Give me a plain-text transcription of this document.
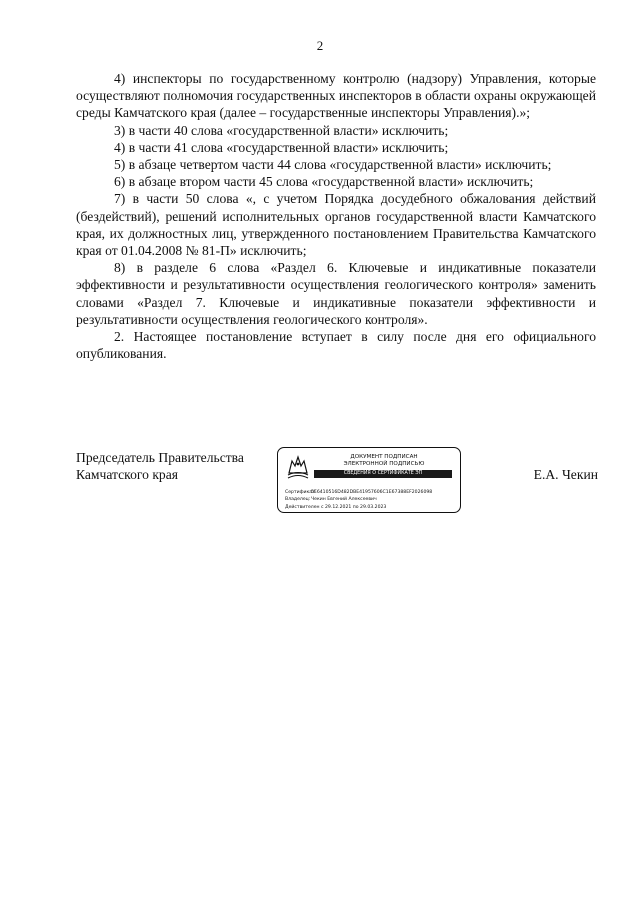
2

4) инспекторы по государственному контролю (надзору) Управления, которые осуществляют полномочия государственных инспекторов в области охраны окружающей среды Камчатского края (далее – государственные инспекторы Управления).»;

3) в части 40 слова «государственной власти» исключить;

4) в части 41 слова «государственной власти» исключить;

5) в абзаце четвертом части 44 слова «государственной власти» исключить;

6) в абзаце втором части 45 слова «государственной власти» исключить;

7) в части 50 слова «, с учетом Порядка досудебного обжалования действий (бездействий), решений исполнительных органов государственной власти Камчатского края, их должностных лиц, утвержденного постановлением Правительства Камчатского края от 01.04.2008 № 81-П» исключить;

8) в разделе 6 слова «Раздел 6. Ключевые и индикативные показатели эффективности и результативности осуществления геологического контроля» заменить словами «Раздел 7. Ключевые и индикативные показатели эффективности и результативности осуществления геологического контроля».

2. Настоящее постановление вступает в силу после дня его официального опубликования.

Председатель Правительства
Камчатского края
ДОКУМЕНТ ПОДПИСАН
ЭЛЕКТРОННОЙ ПОДПИСЬЮ
СВЕДЕНИЯ О СЕРТИФИКАТЕ ЭП
Сертификат:5E6410516D482DBE41957606C1E67388EF2026098
Владелец:Чекин Евгений Алексеевич
Действителен с 29.12.2021 по 29.03.2023
Е.А. Чекин
